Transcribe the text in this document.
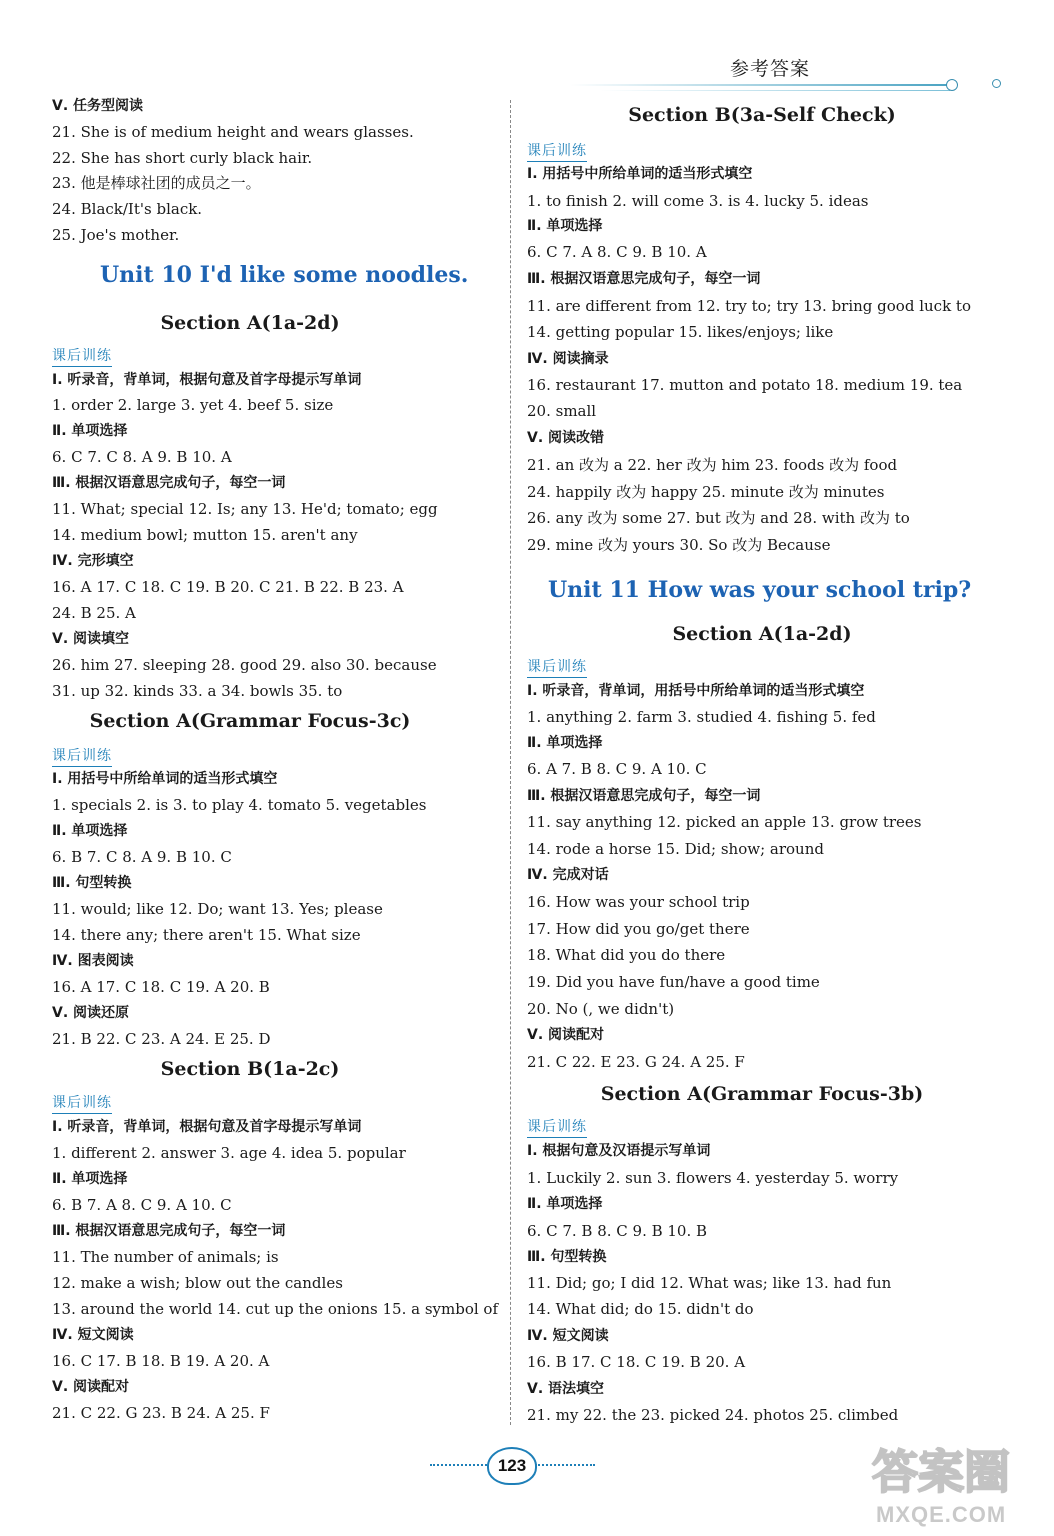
参考答案
Ⅴ. 任务型阅读
21. She is of medium height and wears glasses.
22. She has short curly black hair.
23. 他是棒球社团的成员之一。
24. Black/It's black.
25. Joe's mother.
Unit 10 I'd like some noodles.
Section A(1a-2d)
课后训练
Ⅰ. 听录音，背单词，根据句意及首字母提示写单词
1. order 2. large 3. yet 4. beef 5. size
Ⅱ. 单项选择
6. C 7. C 8. A 9. B 10. A
Ⅲ. 根据汉语意思完成句子，每空一词
11. What; special 12. Is; any 13. He'd; tomato; egg
14. medium bowl; mutton 15. aren't any
Ⅳ. 完形填空
16. A 17. C 18. C 19. B 20. C 21. B 22. B 23. A
24. B 25. A
Ⅴ. 阅读填空
26. him 27. sleeping 28. good 29. also 30. because
31. up 32. kinds 33. a 34. bowls 35. to
Section A(Grammar Focus-3c)
课后训练
Ⅰ. 用括号中所给单词的适当形式填空
1. specials 2. is 3. to play 4. tomato 5. vegetables
Ⅱ. 单项选择
6. B 7. C 8. A 9. B 10. C
Ⅲ. 句型转换
11. would; like 12. Do; want 13. Yes; please
14. there any; there aren't 15. What size
Ⅳ. 图表阅读
16. A 17. C 18. C 19. A 20. B
Ⅴ. 阅读还原
21. B 22. C 23. A 24. E 25. D
Section B(1a-2c)
课后训练
Ⅰ. 听录音，背单词，根据句意及首字母提示写单词
1. different 2. answer 3. age 4. idea 5. popular
Ⅱ. 单项选择
6. B 7. A 8. C 9. A 10. C
Ⅲ. 根据汉语意思完成句子，每空一词
11. The number of animals; is
12. make a wish; blow out the candles
13. around the world 14. cut up the onions 15. a symbol of
Ⅳ. 短文阅读
16. C 17. B 18. B 19. A 20. A
Ⅴ. 阅读配对
21. C 22. G 23. B 24. A 25. F
Section B(3a-Self Check)
课后训练
Ⅰ. 用括号中所给单词的适当形式填空
1. to finish 2. will come 3. is 4. lucky 5. ideas
Ⅱ. 单项选择
6. C 7. A 8. C 9. B 10. A
Ⅲ. 根据汉语意思完成句子，每空一词
11. are different from 12. try to; try 13. bring good luck to
14. getting popular 15. likes/enjoys; like
Ⅳ. 阅读摘录
16. restaurant 17. mutton and potato 18. medium 19. tea
20. small
Ⅴ. 阅读改错
21. an 改为 a 22. her 改为 him 23. foods 改为 food
24. happily 改为 happy 25. minute 改为 minutes
26. any 改为 some 27. but 改为 and 28. with 改为 to
29. mine 改为 yours 30. So 改为 Because
Unit 11 How was your school trip?
Section A(1a-2d)
课后训练
Ⅰ. 听录音，背单词，用括号中所给单词的适当形式填空
1. anything 2. farm 3. studied 4. fishing 5. fed
Ⅱ. 单项选择
6. A 7. B 8. C 9. A 10. C
Ⅲ. 根据汉语意思完成句子，每空一词
11. say anything 12. picked an apple 13. grow trees
14. rode a horse 15. Did; show; around
Ⅳ. 完成对话
16. How was your school trip
17. How did you go/get there
18. What did you do there
19. Did you have fun/have a good time
20. No (, we didn't)
Ⅴ. 阅读配对
21. C 22. E 23. G 24. A 25. F
Section A(Grammar Focus-3b)
课后训练
Ⅰ. 根据句意及汉语提示写单词
1. Luckily 2. sun 3. flowers 4. yesterday 5. worry
Ⅱ. 单项选择
6. C 7. B 8. C 9. B 10. B
Ⅲ. 句型转换
11. Did; go; I did 12. What was; like 13. had fun
14. What did; do 15. didn't do
Ⅳ. 短文阅读
16. B 17. C 18. C 19. B 20. A
Ⅴ. 语法填空
21. my 22. the 23. picked 24. photos 25. climbed
123	答案圈
MXQE.COM
